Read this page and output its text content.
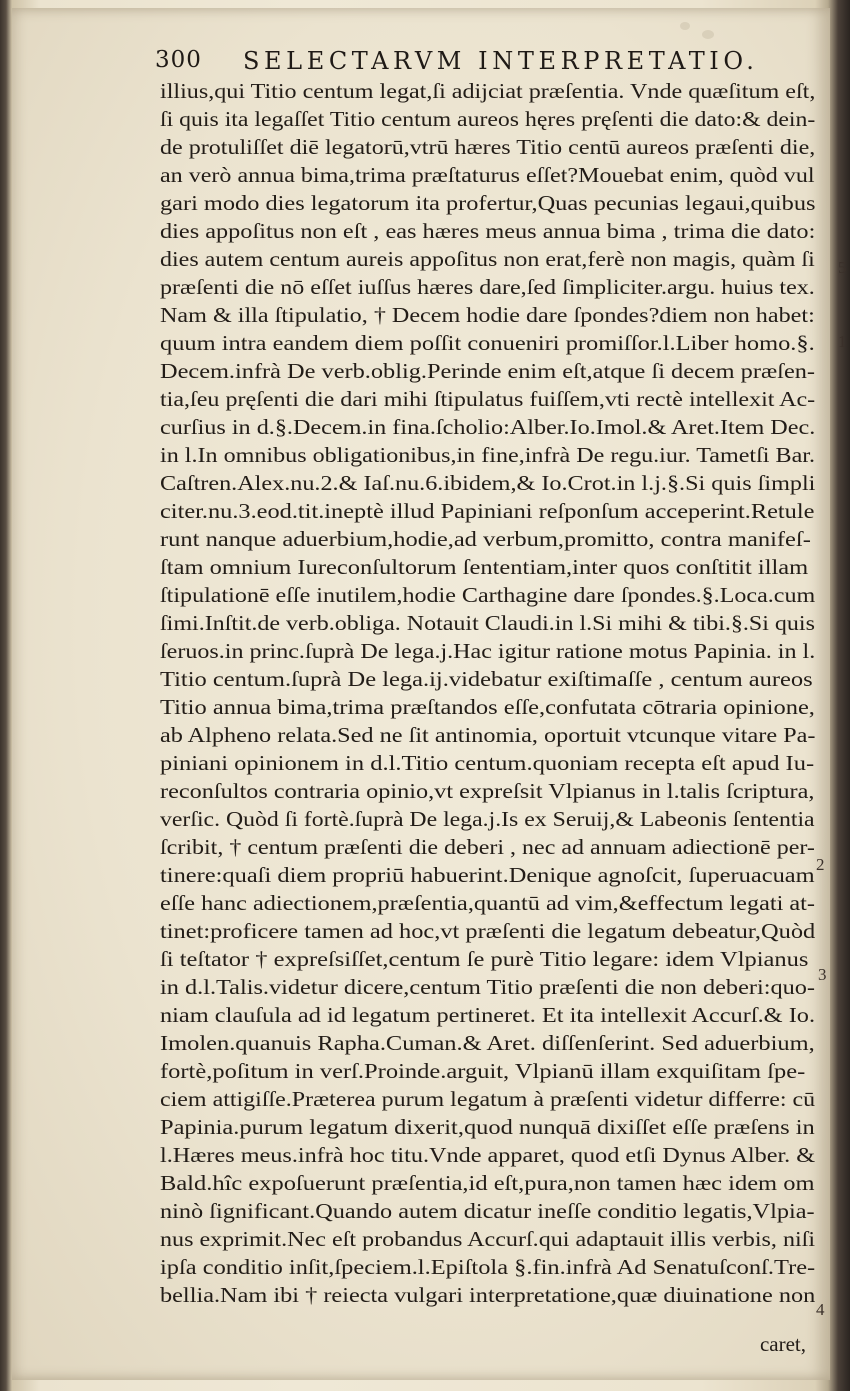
300 SELECTARVM INTERPRETATIO.
illius,qui Titio centum legat,ſi adijciat præſentia. Vnde quæſitum eſt,
ſi quis ita legaſſet Titio centum aureos hęres pręſenti die dato:& dein-
de protuliſſet diē legatorū,vtrū hæres Titio centū aureos præſenti die,
an verò annua bima,trima præſtaturus eſſet?Mouebat enim, quòd vul
gari modo dies legatorum ita profertur,Quas pecunias legaui,quibus
dies appoſitus non eſt , eas hæres meus annua bima , trima die dato:
dies autem centum aureis appoſitus non erat,ferè non magis, quàm ſi
præſenti die nō eſſet iuſſus hæres dare,ſed ſimpliciter.argu. huius tex.
Nam & illa ſtipulatio, † Decem hodie dare ſpondes?diem non habet:
quum intra eandem diem poſſit conueniri promiſſor.l.Liber homo.§.
Decem.infrà De verb.oblig.Perinde enim eſt,atque ſi decem præſen-
tia,ſeu pręſenti die dari mihi ſtipulatus fuiſſem,vti rectè intellexit Ac-
curſius in d.§.Decem.in fina.ſcholio:Alber.Io.Imol.& Aret.Item Dec.
in l.In omnibus obligationibus,in fine,infrà De regu.iur. Tametſi Bar.
Caſtren.Alex.nu.2.& Iaſ.nu.6.ibidem,& Io.Crot.in l.j.§.Si quis ſimpli
citer.nu.3.eod.tit.ineptè illud Papiniani reſponſum acceperint.Retule
runt nanque aduerbium,hodie,ad verbum,promitto, contra manifeſ-
ſtam omnium Iureconſultorum ſententiam,inter quos conſtitit illam
ſtipulationē eſſe inutilem,hodie Carthagine dare ſpondes.§.Loca.cum
ſimi.Inſtit.de verb.obliga. Notauit Claudi.in l.Si mihi & tibi.§.Si quis
ſeruos.in princ.ſuprà De lega.j.Hac igitur ratione motus Papinia. in l.
Titio centum.ſuprà De lega.ij.videbatur exiſtimaſſe , centum aureos
Titio annua bima,trima præſtandos eſſe,confutata cōtraria opinione,
ab Alpheno relata.Sed ne ſit antinomia, oportuit vtcunque vitare Pa-
piniani opinionem in d.l.Titio centum.quoniam recepta eſt apud Iu-
reconſultos contraria opinio,vt expreſsit Vlpianus in l.talis ſcriptura,
verſic. Quòd ſi fortè.ſuprà De lega.j.Is ex Seruij,& Labeonis ſententia
ſcribit, † centum præſenti die deberi , nec ad annuam adiectionē per-
tinere:quaſi diem propriū habuerint.Denique agnoſcit, ſuperuacuam
eſſe hanc adiectionem,præſentia,quantū ad vim,&effectum legati at-
tinet:proficere tamen ad hoc,vt præſenti die legatum debeatur,Quòd
ſi teſtator † expreſsiſſet,centum ſe purè Titio legare: idem Vlpianus
in d.l.Talis.videtur dicere,centum Titio præſenti die non deberi:quo-
niam clauſula ad id legatum pertineret. Et ita intellexit Accurſ.& Io.
Imolen.quanuis Rapha.Cuman.& Aret. diſſenſerint. Sed aduerbium,
fortè,poſitum in verſ.Proinde.arguit, Vlpianū illam exquiſitam ſpe-
ciem attigiſſe.Præterea purum legatum à præſenti videtur differre: cū
Papinia.purum legatum dixerit,quod nunquā dixiſſet eſſe præſens in
l.Hæres meus.infrà hoc titu.Vnde apparet, quod etſi Dynus Alber. &
Bald.hîc expoſuerunt præſentia,id eſt,pura,non tamen hæc idem om
ninò ſignificant.Quando autem dicatur ineſſe conditio legatis,Vlpia-
nus exprimit.Nec eſt probandus Accurſ.qui adaptauit illis verbis, niſi
ipſa conditio inſit,ſpeciem.l.Epiſtola §.fin.infrà Ad Senatuſconſ.Tre-
bellia.Nam ibi † reiecta vulgari interpretatione,quæ diuinatione non
caret,
5
1
2
3
4
